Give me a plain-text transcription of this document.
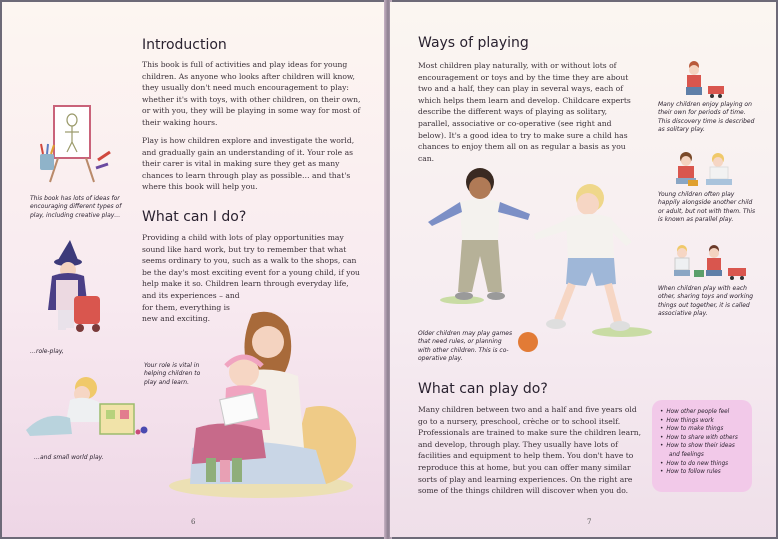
Introduction

This book is full of activities and play ideas for young children. As anyone who looks after children will know, they usually don't need much encouragement to play: whether it's with toys, with other children, on their own, or with you, they will be playing in some way for most of their waking hours.

Play is how children explore and investigate the world, and gradually gain an understanding of it. Your role as their carer is vital in making sure they get as many chances to learn through play as possible… and that's where this book will help you.

What can I do?

Providing a child with lots of play opportunities may
sound like hard work, but try to remember that what
seems ordinary to you, such as a walk to the shops, can
be the day's most exciting event for a young child, if you
help make it so. Children learn through everyday life,
and its experiences – and
for them, everything is
new and exciting.

This book has lots of ideas for encouraging different types of play, including creative play…
…role-play,
…and small world play.
Your role is vital in helping children to play and learn.
6
Ways of playing

Most children play naturally, with or without lots of encouragement or toys and by the time they are about two and a half, they can play in several ways, each of which helps them learn and develop. Childcare experts describe the different ways of playing as solitary, parallel, associative or co-operative (see right and below). It's a good idea to try to make sure a child has chances to enjoy them all on as regular a basis as you can.

Many children enjoy playing on their own for periods of time. This discovery time is described as solitary play.
Young children often play happily alongside another child or adult, but not with them. This is known as parallel play.
When children play with each other, sharing toys and working things out together, it is called associative play.
Older children may play games that need rules, or planning with other children. This is co-operative play.
What can play do?

Many children between two and a half and five years old go to a nursery, preschool, crèche or to school itself. Professionals are trained to make sure the children learn, and develop, through play. They usually have lots of facilities and equipment to help them. You don't have to reproduce this at home, but you can offer many similar sorts of play and learning experiences. On the right are some of the things children will discover when you do.

• How other people feel
• How things work
• How to make things
• How to share with others
• How to show their ideas
and feelings
• How to do new things
• How to follow rules
7
